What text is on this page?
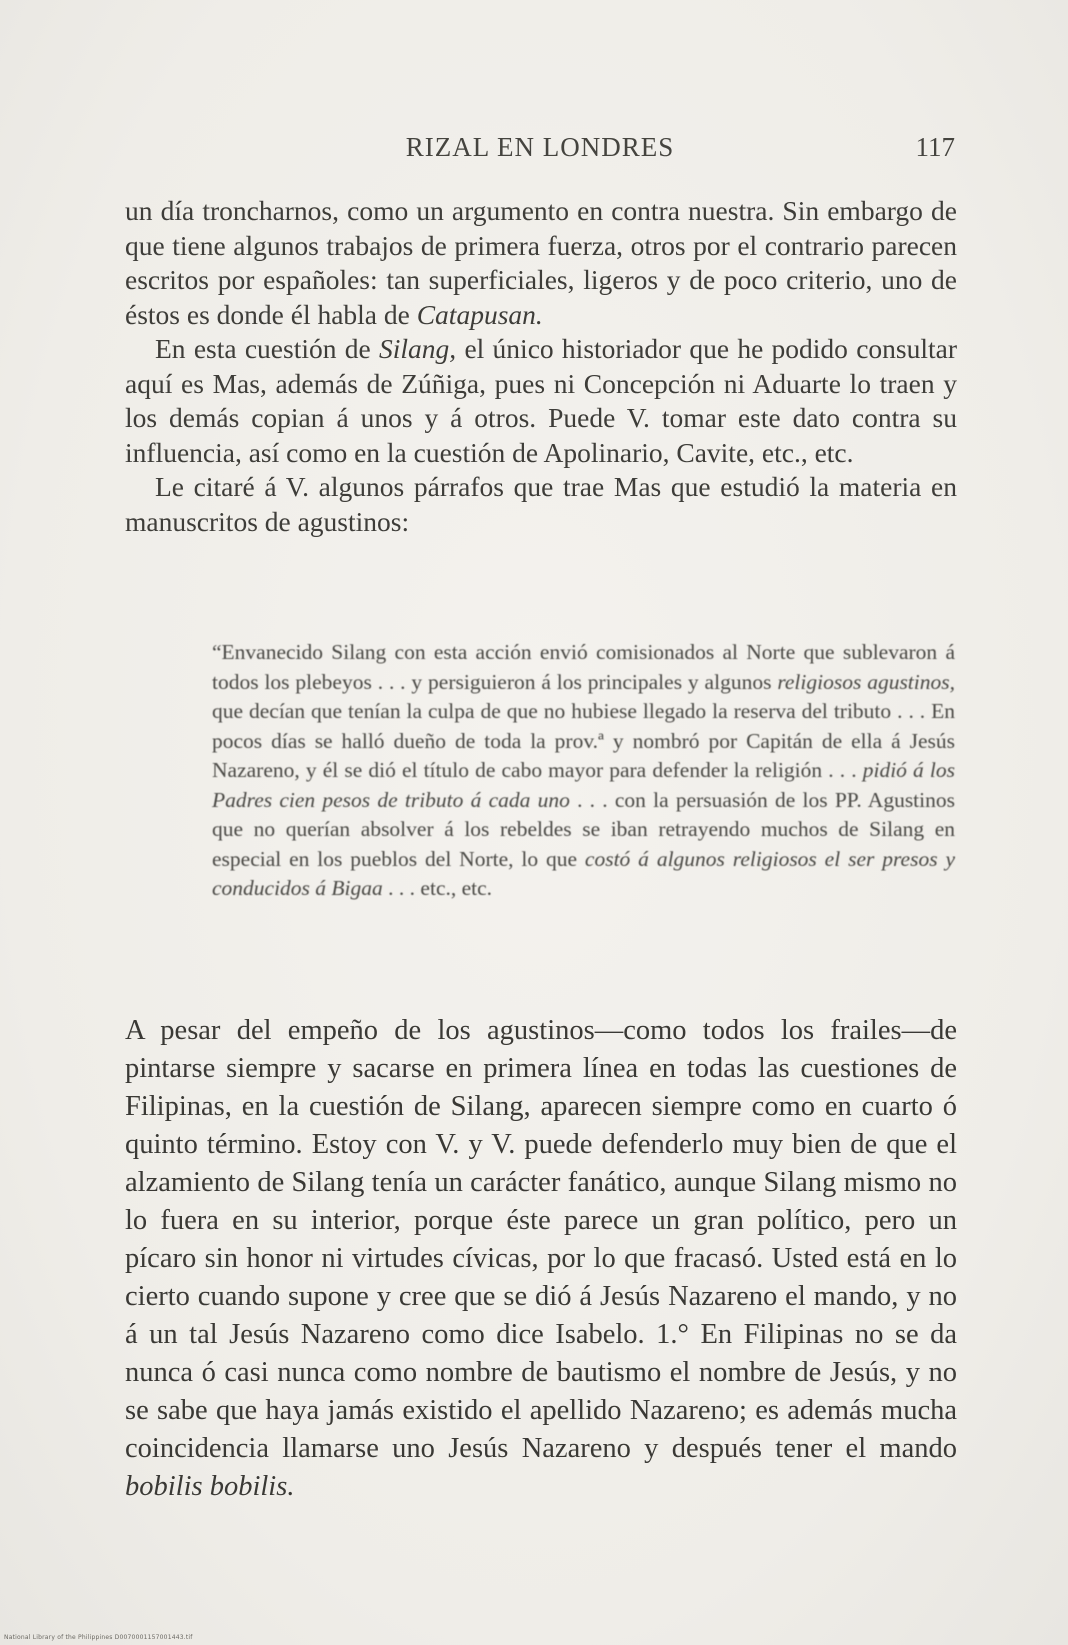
RIZAL EN LONDRES	117

un día troncharnos, como un argumento en contra nuestra. Sin embargo de que tiene algunos trabajos de primera fuerza, otros por el contrario parecen escritos por españoles: tan superficiales, ligeros y de poco criterio, uno de éstos es donde él habla de Catapusan.

En esta cuestión de Silang, el único historiador que he podido consultar aquí es Mas, además de Zúñiga, pues ni Concepción ni Aduarte lo traen y los demás copian á unos y á otros. Puede V. tomar este dato contra su influencia, así como en la cuestión de Apolinario, Cavite, etc., etc.

Le citaré á V. algunos párrafos que trae Mas que estudió la materia en manuscritos de agustinos:

“Envanecido Silang con esta acción envió comisionados al Norte que sublevaron á todos los plebeyos . . . y persiguieron á los principales y algunos religiosos agustinos, que decían que tenían la culpa de que no hubiese llegado la reserva del tributo . . . En pocos días se halló dueño de toda la prov.ª y nombró por Capitán de ella á Jesús Nazareno, y él se dió el título de cabo mayor para defender la religión . . . pidió á los Padres cien pesos de tributo á cada uno . . . con la persuasión de los PP. Agustinos que no querían absolver á los rebeldes se iban retrayendo muchos de Silang en especial en los pueblos del Norte, lo que costó á algunos religiosos el ser presos y conducidos á Bigaa . . . etc., etc.

A pesar del empeño de los agustinos—como todos los frailes—de pintarse siempre y sacarse en primera línea en todas las cuestiones de Filipinas, en la cuestión de Silang, aparecen siempre como en cuarto ó quinto término. Estoy con V. y V. puede defenderlo muy bien de que el alzamiento de Silang tenía un carácter fanático, aunque Silang mismo no lo fuera en su interior, porque éste parece un gran político, pero un pícaro sin honor ni virtudes cívicas, por lo que fracasó. Usted está en lo cierto cuando supone y cree que se dió á Jesús Nazareno el mando, y no á un tal Jesús Nazareno como dice Isabelo. 1.° En Filipinas no se da nunca ó casi nunca como nombre de bautismo el nombre de Jesús, y no se sabe que haya jamás existido el apellido Nazareno; es además mucha coincidencia llamarse uno Jesús Nazareno y después tener el mando bobilis bobilis.

National Library of the Philippines D0070001157001443.tif
